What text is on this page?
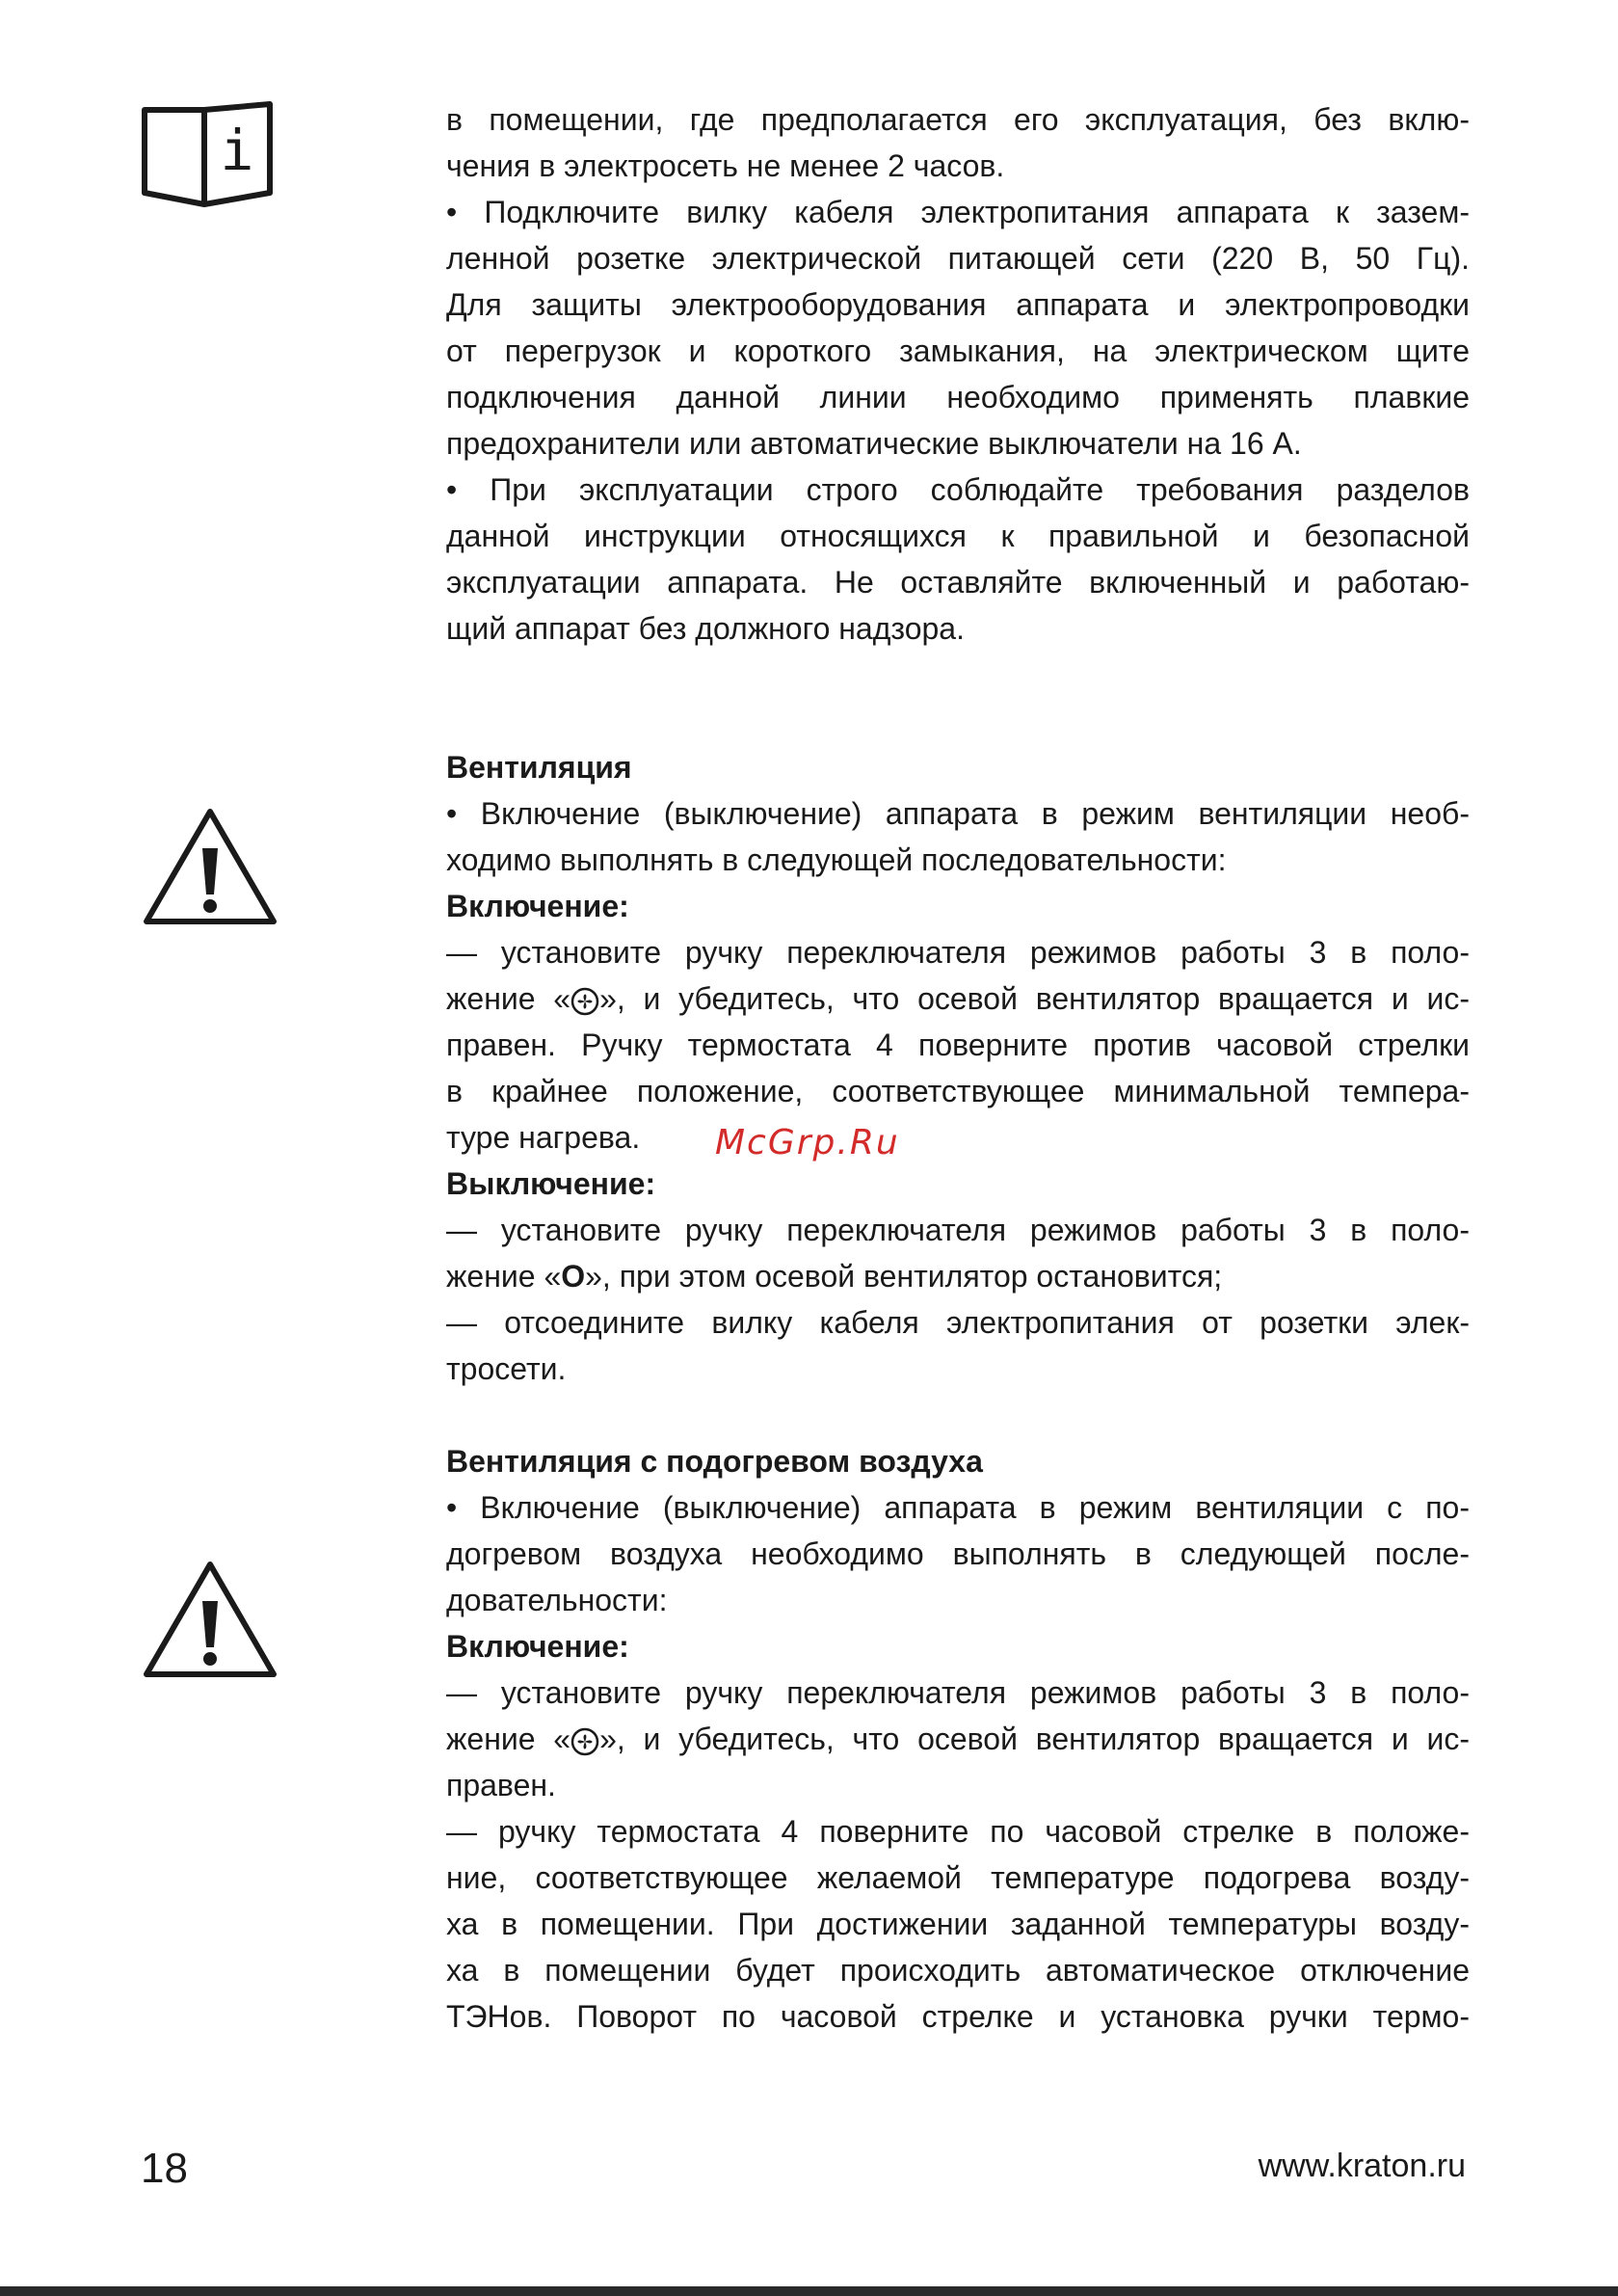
i	в помещении, где предполагается его эксплуатация, без вклю-
чения в электросеть не менее 2 часов.
• Подключите вилку кабеля электропитания аппарата к зазем-
ленной розетке электрической питающей сети (220 В, 50 Гц).
Для защиты электрооборудования аппарата и электропроводки
от перегрузок и короткого замыкания, на электрическом щите
подключения данной линии необходимо применять плавкие
предохранители или автоматические выключатели на 16 А.
• При эксплуатации строго соблюдайте требования разделов
данной инструкции относящихся к правильной и безопасной
эксплуатации аппарата. Не оставляйте включенный и работаю-
щий аппарат без должного надзора.
Вентиляция
• Включение (выключение) аппарата в режим вентиляции необ-
ходимо выполнять в следующей последовательности:
Включение:
— установите ручку переключателя режимов работы 3 в поло-
жение « », и убедитесь, что осевой вентилятор вращается и ис-
правен. Ручку термостата 4 поверните против часовой стрелки
в крайнее положение, соответствующее минимальной темпера-
туре нагрева.
Выключение:
— установите ручку переключателя режимов работы 3 в поло-
жение «О», при этом осевой вентилятор остановится;
— отсоедините вилку кабеля электропитания от розетки элек-
тросети.
McGrp.Ru
Вентиляция с подогревом воздуха
• Включение (выключение) аппарата в режим вентиляции с по-
догревом воздуха необходимо выполнять в следующей после-
довательности:
Включение:
— установите ручку переключателя режимов работы 3 в поло-
жение « », и убедитесь, что осевой вентилятор вращается и ис-
правен.
— ручку термостата 4 поверните по часовой стрелке в положе-
ние, соответствующее желаемой температуре подогрева возду-
ха в помещении. При достижении заданной температуры возду-
ха в помещении будет происходить автоматическое отключение
ТЭНов. Поворот по часовой стрелке и установка ручки термо-
18	www.kraton.ru
